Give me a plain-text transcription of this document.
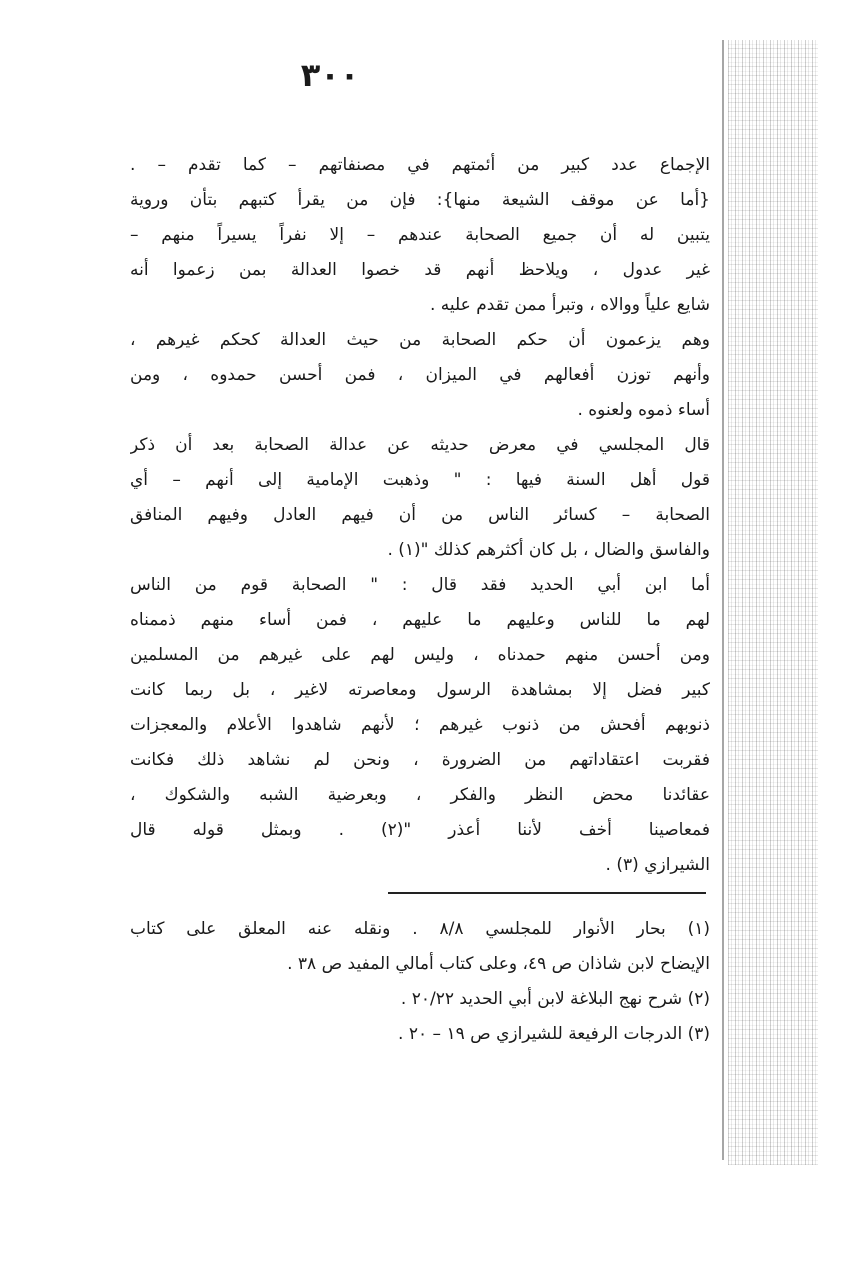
٣٠٠
الإجماع عدد كبير من أئمتهم في مصنفاتهم – كما تقدم – .
{أما عن موقف الشيعة منها}: فإن من يقرأ كتبهم بتأن وروية
يتبين له أن جميع الصحابة عندهم – إلا نفراً يسيراً منهم –
غير عدول ، ويلاحظ أنهم قد خصوا العدالة بمن زعموا أنه
شايع علياً ووالاه ، وتبرأ ممن تقدم عليه .
وهم يزعمون أن حكم الصحابة من حيث العدالة كحكم غيرهم ،
وأنهم توزن أفعالهم في الميزان ، فمن أحسن حمدوه ، ومن
أساء ذموه ولعنوه .
قال المجلسي في معرض حديثه عن عدالة الصحابة بعد أن ذكر
قول أهل السنة فيها : " وذهبت الإمامية إلى أنهم – أي
الصحابة – كسائر الناس من أن فيهم العادل وفيهم المنافق
والفاسق والضال ، بل كان أكثرهم كذلك "(١) .
أما ابن أبي الحديد فقد قال : " الصحابة قوم من الناس
لهم ما للناس وعليهم ما عليهم ، فمن أساء منهم ذممناه
ومن أحسن منهم حمدناه ، وليس لهم على غيرهم من المسلمين
كبير فضل إلا بمشاهدة الرسول ومعاصرته لاغير ، بل ربما كانت
ذنوبهم أفحش من ذنوب غيرهم ؛ لأنهم شاهدوا الأعلام والمعجزات
فقربت اعتقاداتهم من الضرورة ، ونحن لم نشاهد ذلك فكانت
عقائدنا محض النظر والفكر ، وبعرضية الشبه والشكوك ،
فمعاصينا أخف لأننا أعذر "(٢) . وبمثل قوله قال
الشيرازي (٣) .
(١) بحار الأنوار للمجلسي ٨/٨ . ونقله عنه المعلق على كتاب
الإيضاح لابن شاذان ص ٤٩، وعلى كتاب أمالي المفيد ص ٣٨ .
(٢) شرح نهج البلاغة لابن أبي الحديد ٢٠/٢٢ .
(٣) الدرجات الرفيعة للشيرازي ص ١٩ – ٢٠ .
